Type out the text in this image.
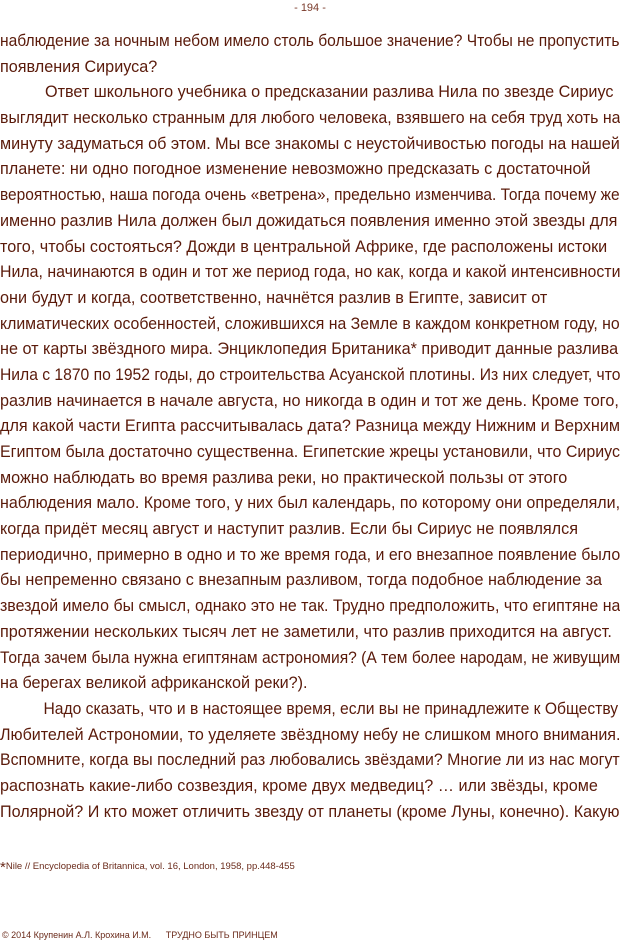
- 194 -
наблюдение за ночным небом имело столь большое значение? Чтобы не пропустить
появления Сириуса?
Ответ школьного учебника о предсказании разлива Нила по звезде Сириус
выглядит несколько странным для любого человека, взявшего на себя труд хоть на
минуту задуматься об этом. Мы все знакомы с неустойчивостью погоды на нашей
планете: ни одно погодное изменение невозможно предсказать с достаточной
вероятностью, наша погода очень «ветрена», предельно изменчива. Тогда почему же
именно разлив Нила должен был дожидаться появления именно этой звезды для
того, чтобы состояться? Дожди в центральной Африке, где расположены истоки
Нила, начинаются в один и тот же период года, но как, когда и какой интенсивности
они будут и когда, соответственно, начнётся разлив в Египте, зависит от
климатических особенностей, сложившихся на Земле в каждом конкретном году, но
не от карты звёздного мира. Энциклопедия Британика* приводит данные разлива
Нила с 1870 по 1952 годы, до строительства Асуанской плотины. Из них следует, что
разлив начинается в начале августа, но никогда в один и тот же день. Кроме того,
для какой части Египта рассчитывалась дата? Разница между Нижним и Верхним
Египтом была достаточно существенна. Египетские жрецы установили, что Сириус
можно наблюдать во время разлива реки, но практической пользы от этого
наблюдения мало. Кроме того, у них был календарь, по которому они определяли,
когда придёт месяц август и наступит разлив. Если бы Сириус не появлялся
периодично, примерно в одно и то же время года, и его внезапное появление было
бы непременно связано с внезапным разливом, тогда подобное наблюдение за
звездой имело бы смысл, однако это не так. Трудно предположить, что египтяне на
протяжении нескольких тысяч лет не заметили, что разлив приходится на август.
Тогда зачем была нужна египтянам астрономия? (А тем более народам, не живущим
на берегах великой африканской реки?).
Надо сказать, что и в настоящее время, если вы не принадлежите к Обществу
Любителей Астрономии, то уделяете звёздному небу не слишком много внимания.
Вспомните, когда вы последний раз любовались звёздами? Многие ли из нас могут
распознать какие-либо созвездия, кроме двух медведиц? … или звёзды, кроме
Полярной? И кто может отличить звезду от планеты (кроме Луны, конечно). Какую
*Nile // Encyclopedia of Britannica, vol. 16, London, 1958, pp.448-455
© 2014 Крупенин А.Л. Крохина И.М. ТРУДНО БЫТЬ ПРИНЦЕМ
